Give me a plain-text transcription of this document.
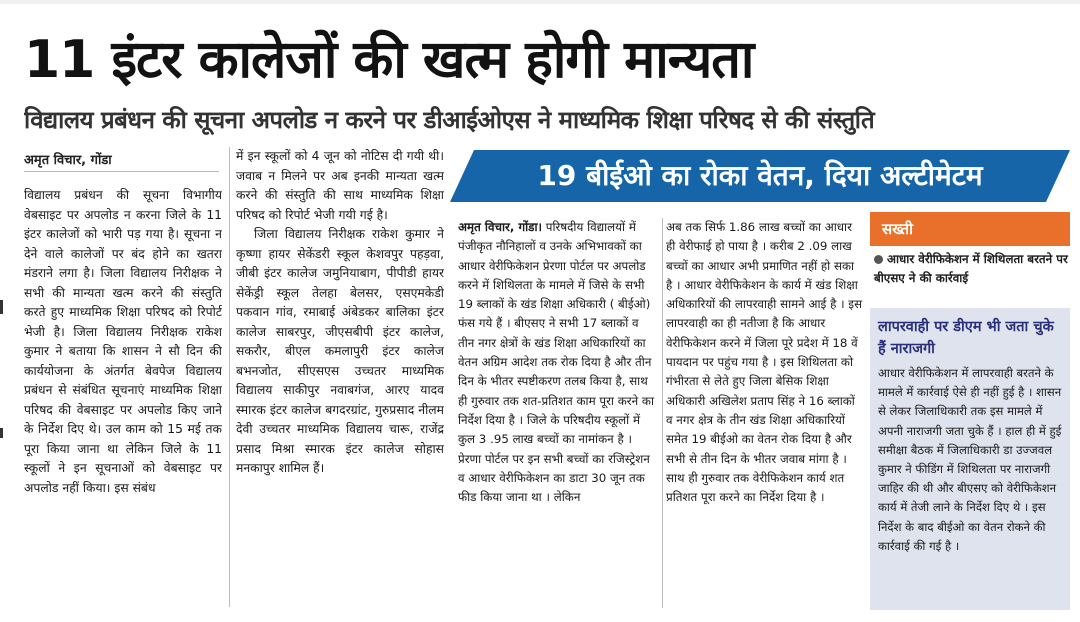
11 इंटर कालेजों की खत्म होगी मान्यता
विद्यालय प्रबंधन की सूचना अपलोड न करने पर डीआईओएस ने माध्यमिक शिक्षा परिषद से की संस्तुति
अमृत विचार, गोंडा

विद्यालय प्रबंधन की सूचना विभागीय वेबसाइट पर अपलोड न करना जिले के 11 इंटर कालेजों को भारी पड़ गया है। सूचना न देने वाले कालेजों पर बंद होने का खतरा मंडराने लगा है। जिला विद्यालय निरीक्षक ने सभी की मान्यता खत्म करने की संस्तुति करते हुए माध्यमिक शिक्षा परिषद को रिपोर्ट भेजी है। जिला विद्यालय निरीक्षक राकेश कुमार ने बताया कि शासन ने सौ दिन की कार्ययोजना के अंतर्गत बेवपेज विद्यालय प्रबंधन से संबंधित सूचनाएं माध्यमिक शिक्षा परिषद की वेबसाइट पर अपलोड किए जाने के निर्देश दिए थे। उल काम को 15 मई तक पूरा किया जाना था लेकिन जिले के 11 स्कूलों ने इन सूचनाओं को वेबसाइट पर अपलोड नहीं किया। इस संबंध

में इन स्कूलों को 4 जून को नोटिस दी गयी थी। जवाब न मिलने पर अब इनकी मान्यता खत्म करने की संस्तुति की साथ माध्यमिक शिक्षा परिषद को रिपोर्ट भेजी गयी गई है।

जिला विद्यालय निरीक्षक राकेश कुमार ने कृष्णा हायर सेकेंडरी स्कूल केशवपुर पहड़वा, जीबी इंटर कालेज जमुनियाबाग, पीपीडी हायर सेकेंड्री स्कूल तेलहा बेलसर, एसएमकेडी पकवान गांव, रमाबाई अंबेडकर बालिका इंटर कालेज साबरपुर, जीएसबीपी इंटर कालेज, सकरौर, बीएल कमलापुरी इंटर कालेज बभनजोत, सीएसएस उच्चतर माध्यमिक विद्यालय साकीपुर नवाबगंज, आरए यादव स्मारक इंटर कालेज बगदरग्रांट, गुरुप्रसाद नीलम देवी उच्चतर माध्यमिक विद्यालय चारू, राजेंद्र प्रसाद मिश्रा स्मारक इंटर कालेज सोहास मनकापुर शामिल हैं।

19 बीईओ का रोका वेतन, दिया अल्टीमेटम

अमृत विचार, गोंडा। परिषदीय विद्यालयों में पंजीकृत नौनिहालों व उनके अभिभावकों का आधार वेरीफिकेशन प्रेरणा पोर्टल पर अपलोड करने में शिथिलता के मामले में जिसे के सभी 19 ब्लाकों के खंड शिक्षा अधिकारी ( बीईओ) फंस गये हैं । बीएसए ने सभी 17 ब्लाकों व तीन नगर क्षेत्रों के खंड शिक्षा अधिकारियों का वेतन अग्रिम आदेश तक रोक दिया है और तीन दिन के भीतर स्पष्टीकरण तलब किया है, साथ ही गुरुवार तक शत-प्रतिशत काम पूरा करने का निर्देश दिया है । जिले के परिषदीय स्कूलों में कुल 3 .95 लाख बच्चों का नामांकन है । प्रेरणा पोर्टल पर इन सभी बच्चों का रजिस्ट्रेशन व आधार वेरीफिकेशन का डाटा 30 जून तक फीड किया जाना था । लेकिन

अब तक सिर्फ 1.86 लाख बच्चों का आधार ही वेरीफाई हो पाया है । करीब 2 .09 लाख बच्चों का आधार अभी प्रमाणित नहीं हो सका है । आधार वेरीफिकेशन के कार्य में खंड शिक्षा अधिकारियों की लापरवाही सामने आई है । इस लापरवाही का ही नतीजा है कि आधार वेरीफिकेशन करने में जिला पूरे प्रदेश में 18 वें पायदान पर पहुंच गया है । इस शिथिलता को गंभीरता से लेते हुए जिला बेसिक शिक्षा अधिकारी अखिलेश प्रताप सिंह ने 16 ब्लाकों व नगर क्षेत्र के तीन खंड शिक्षा अधिकारियों समेत 19 बीईओ का वेतन रोक दिया है और सभी से तीन दिन के भीतर जवाब मांगा है । साथ ही गुरुवार तक वेरीफिकेशन कार्य शत प्रतिशत पूरा करने का निर्देश दिया है ।

सख्ती
आधार वेरीफिकेशन में शिथिलता बरतने पर बीएसए ने की कार्रवाई
लापरवाही पर डीएम भी जता चुके हैं नाराजगी

आधार वेरीफिकेशन में लापरवाही बरतने के मामले में कार्रवाई ऐसे ही नहीं हुई है । शासन से लेकर जिलाधिकारी तक इस मामले में अपनी नाराजगी जता चुके हैं । हाल ही में हुई समीक्षा बैठक में जिलाधिकारी डा उज्जवल कुमार ने फीडिंग में शिथिलता पर नाराजगी जाहिर की थी और बीएसए को वेरीफिकेशन कार्य में तेजी लाने के निर्देश दिए थे । इस निर्देश के बाद बीईओ का वेतन रोकने की कार्रवाई की गई है ।
